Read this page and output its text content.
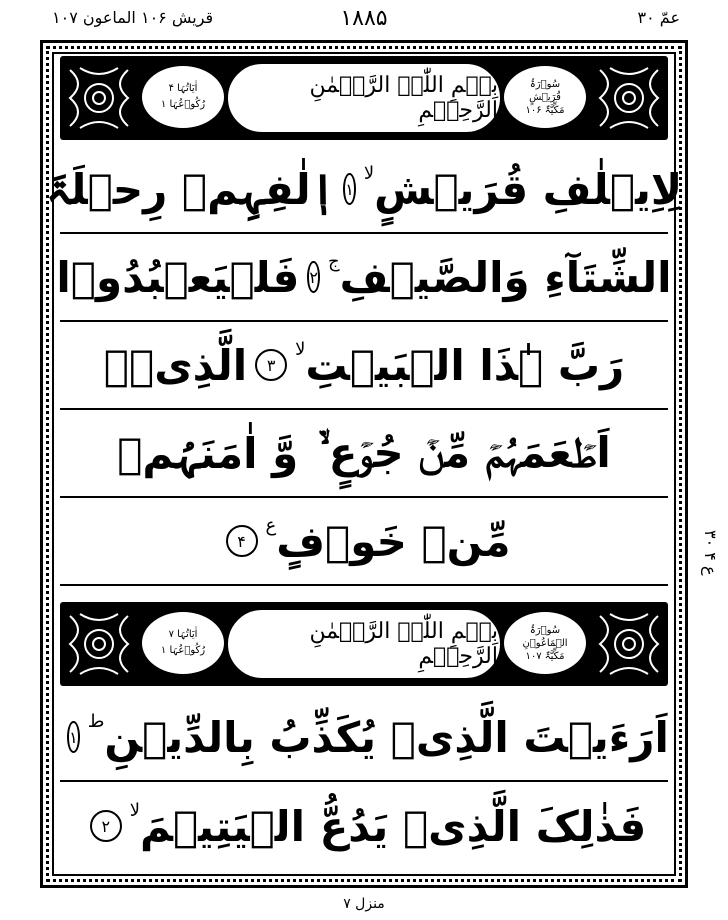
عمّ ۳۰
۱۸۸۵
قریش ۱۰۶ الماعون ۱۰۷
اٰیَاتُہَا ۴
رُکُوۡعُہَا ۱
بِسۡمِ اللّٰہِ الرَّحۡمٰنِ الرَّحِیۡمِ
سُوۡرَۃُ
قُرَیۡشٍ
مَکِّیَّۃٌ ۱۰۶
لِاِیۡلٰفِ قُرَیۡشٍ
لا
۱
اٖلٰفِہِمۡ رِحۡلَۃَ
الشِّتَآءِ وَالصَّیۡفِ
ج
۲
فَلۡیَعۡبُدُوۡا
رَبَّ ہٰذَا الۡبَیۡتِ
لا
۳
الَّذِیۡۤ
اَطۡعَمَہُمۡ مِّنۡ جُوۡعٍ ۙ۬
وَّ اٰمَنَہُمۡ
مِّنۡ خَوۡفٍ
ع
۴
اٰیَاتُہَا ۷
رُکُوۡعُہَا ۱
بِسۡمِ اللّٰہِ الرَّحۡمٰنِ الرَّحِیۡمِ
سُوۡرَۃُ
الۡمَاعُوۡنِ
مَکِّیَّۃٌ ۱۰۷
اَرَءَیۡتَ الَّذِیۡ یُکَذِّبُ بِالدِّیۡنِ
ط
۱
فَذٰلِکَ الَّذِیۡ یَدُعُّ الۡیَتِیۡمَ
لا
۲
ع ۴ ۳۰
منزل ۷
